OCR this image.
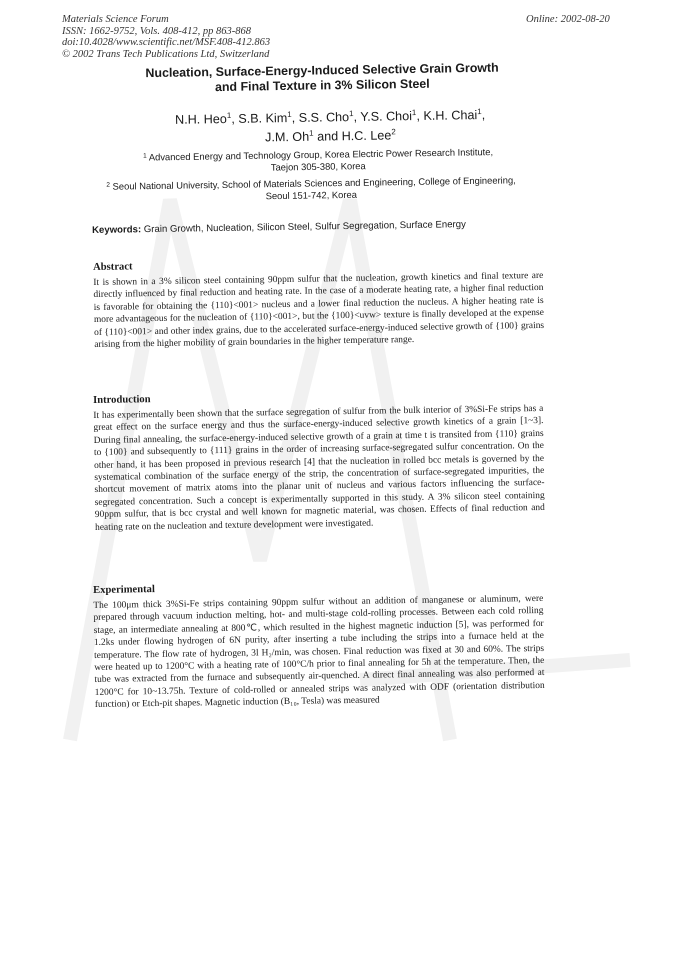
Materials Science Forum
ISSN: 1662-9752, Vols. 408-412, pp 863-868
doi:10.4028/www.scientific.net/MSF.408-412.863
© 2002 Trans Tech Publications Ltd, Switzerland
Online: 2002-08-20
Nucleation, Surface-Energy-Induced Selective Grain Growth
and Final Texture in 3% Silicon Steel
N.H. Heo$^1$, S.B. Kim$^1$, S.S. Cho$^1$, Y.S. Choi$^1$, K.H. Chai$^1$,
J.M. Oh$^1$ and H.C. Lee$^2$
$^1$ Advanced Energy and Technology Group, Korea Electric Power Research Institute,
Taejon 305-380, Korea
$^2$ Seoul National University, School of Materials Sciences and Engineering, College of Engineering,
Seoul 151-742, Korea
Keywords: Grain Growth, Nucleation, Silicon Steel, Sulfur Segregation, Surface Energy
Abstract

It is shown in a 3% silicon steel containing 90ppm sulfur that the nucleation, growth kinetics and final texture are directly influenced by final reduction and heating rate. In the case of a moderate heating rate, a higher final reduction is favorable for obtaining the {110}<001> nucleus and a lower final reduction the nucleus. A higher heating rate is more advantageous for the nucleation of {110}<001>, but the {100}<uvw> texture is finally developed at the expense of {110}<001> and other index grains, due to the accelerated surface-energy-induced selective growth of {100} grains arising from the higher mobility of grain boundaries in the higher temperature range.

Introduction

It has experimentally been shown that the surface segregation of sulfur from the bulk interior of 3%Si-Fe strips has a great effect on the surface energy and thus the surface-energy-induced selective growth kinetics of a grain [1~3]. During final annealing, the surface-energy-induced selective growth of a grain at time t is transited from {110} grains to {100} and subsequently to {111} grains in the order of increasing surface-segregated sulfur concentration. On the other hand, it has been proposed in previous research [4] that the nucleation in rolled bcc metals is governed by the systematical combination of the surface energy of the strip, the concentration of surface-segregated impurities, the shortcut movement of matrix atoms into the planar unit of nucleus and various factors influencing the surface-segregated concentration. Such a concept is experimentally supported in this study. A 3% silicon steel containing 90ppm sulfur, that is bcc crystal and well known for magnetic material, was chosen. Effects of final reduction and heating rate on the nucleation and texture development were investigated.

Experimental

The 100μm thick 3%Si-Fe strips containing 90ppm sulfur without an addition of manganese or aluminum, were prepared through vacuum induction melting, hot- and multi-stage cold-rolling processes. Between each cold rolling stage, an intermediate annealing at 800℃, which resulted in the highest magnetic induction [5], was performed for 1.2ks under flowing hydrogen of 6N purity, after inserting a tube including the strips into a furnace held at the temperature. The flow rate of hydrogen, 3l H₂/min, was chosen. Final reduction was fixed at 30 and 60%. The strips were heated up to 1200°C with a heating rate of 100°C/h prior to final annealing for 5h at the temperature. Then, the tube was extracted from the furnace and subsequently air-quenched. A direct final annealing was also performed at 1200°C for 10~13.75h. Texture of cold-rolled or annealed strips was analyzed with ODF (orientation distribution function) or Etch-pit shapes. Magnetic induction (B₁₀, Tesla) was measured
